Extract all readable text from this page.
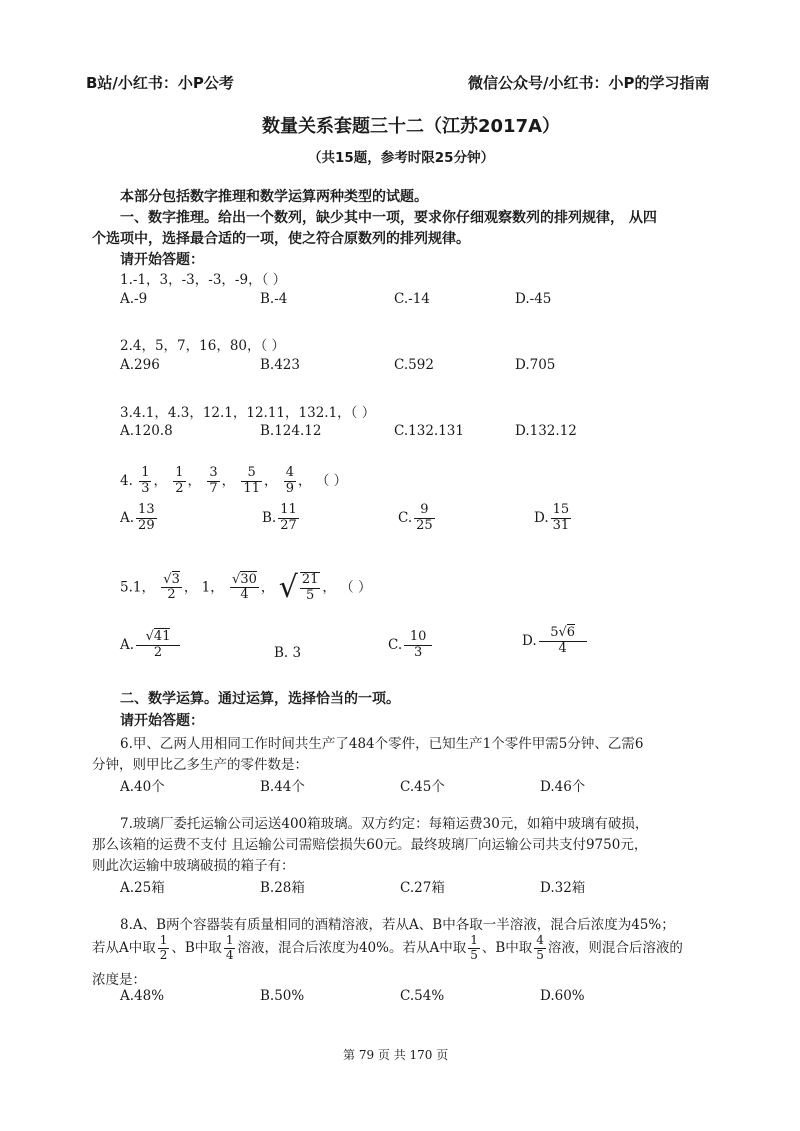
B站/小红书：小P公考	微信公众号/小红书：小P的学习指南
数量关系套题三十二（江苏2017A）
（共15题，参考时限25分钟）
本部分包括数字推理和数学运算两种类型的试题。
一、数字推理。给出一个数列，缺少其中一项，要求你仔细观察数列的排列规律， 从四
个选项中，选择最合适的一项，使之符合原数列的排列规律。
请开始答题：
1.-1，3，-3，-3，-9，（ ）
A.-9	B.-4	C.-14	D.-45
2.4，5，7，16，80，（ ）
A.296	B.423	C.592	D.705
3.4.1，4.3，12.1，12.11，132.1，（ ）
A.120.8	B.124.12	C.132.131	D.132.12
4. $\frac{1}{3}$ ， $\frac{1}{2}$ ， $\frac{3}{7}$ ， $\frac{5}{11}$ ， $\frac{4}{9}$ ， （ ）
A. $\frac{13}{29}$	B. $\frac{11}{27}$	C. $\frac{9}{25}$	D. $\frac{15}{31}$
5.1， $\frac{√3}{2}$ ， 1， $\frac{√30}{4}$ ， √ $\frac{21}{5}$ ， （ ）
A. $\frac{√41}{2}$	B. 3
C. $\frac{10}{3}$	D. $\frac{5√6}{4}$
二、数学运算。通过运算，选择恰当的一项。
请开始答题：
6.甲、乙两人用相同工作时间共生产了484个零件，已知生产1个零件甲需5分钟、乙需6
分钟，则甲比乙多生产的零件数是：
A.40个	B.44个	C.45个	D.46个
7.玻璃厂委托运输公司运送400箱玻璃。双方约定：每箱运费30元，如箱中玻璃有破损，
那么该箱的运费不支付 且运输公司需赔偿损失60元。最终玻璃厂向运输公司共支付9750元，
则此次运输中玻璃破损的箱子有：
A.25箱	B.28箱	C.27箱	D.32箱
8.A、B两个容器装有质量相同的酒精溶液，若从A、B中各取一半溶液，混合后浓度为45%；
若从A中取 $\frac{1}{2}$ 、B中取 $\frac{1}{4}$ 溶液，混合后浓度为40%。若从A中取 $\frac{1}{5}$ 、B中取 $\frac{4}{5}$ 溶液，则混合后溶液的
浓度是：
A.48%	B.50%	C.54%	D.60%
第 79 页 共 170 页
